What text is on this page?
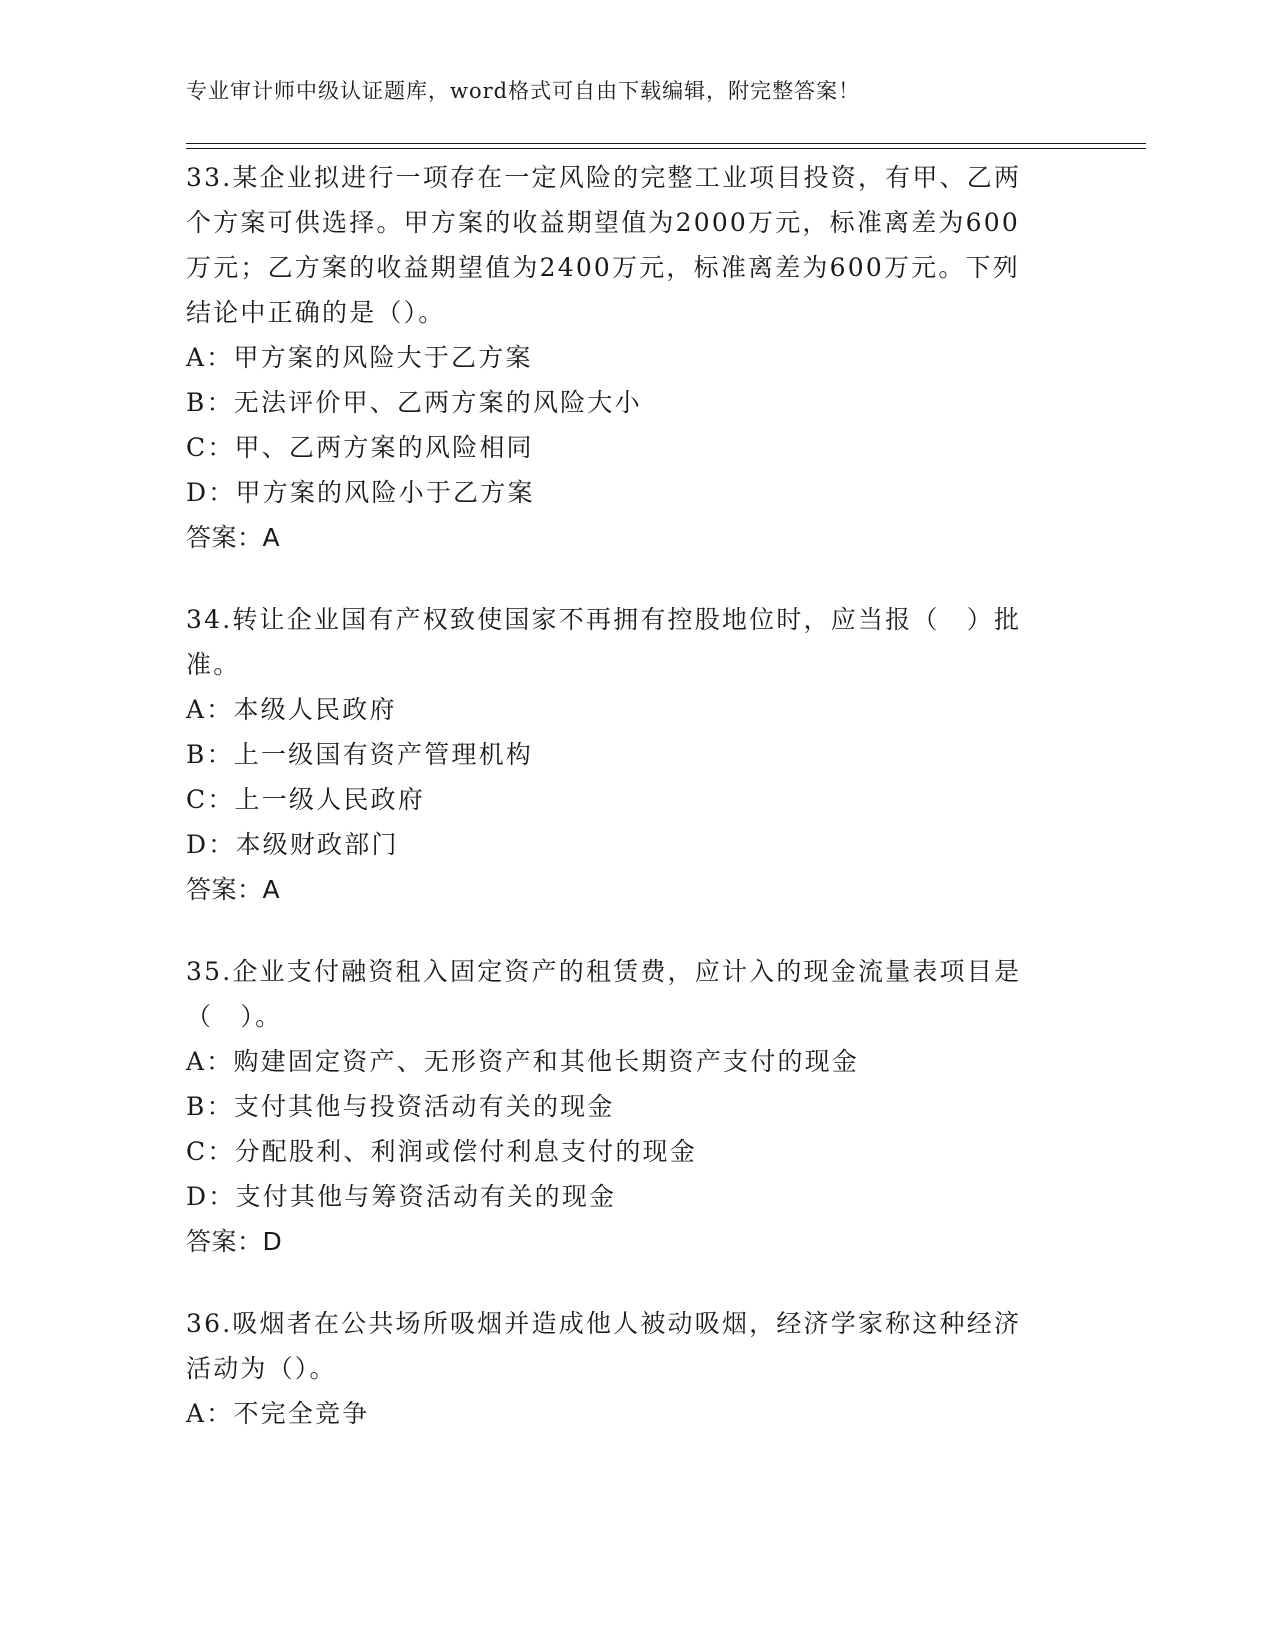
专业审计师中级认证题库，word格式可自由下载编辑，附完整答案！

33.某企业拟进行一项存在一定风险的完整工业项目投资，有甲、乙两

个方案可供选择。甲方案的收益期望值为2000万元，标准离差为600

万元；乙方案的收益期望值为2400万元，标准离差为600万元。下列

结论中正确的是（）。

A：甲方案的风险大于乙方案

B：无法评价甲、乙两方案的风险大小

C：甲、乙两方案的风险相同

D：甲方案的风险小于乙方案

答案：A

34.转让企业国有产权致使国家不再拥有控股地位时，应当报（　）批

准。

A：本级人民政府

B：上一级国有资产管理机构

C：上一级人民政府

D：本级财政部门

答案：A

35.企业支付融资租入固定资产的租赁费，应计入的现金流量表项目是

（　）。

A：购建固定资产、无形资产和其他长期资产支付的现金

B：支付其他与投资活动有关的现金

C：分配股利、利润或偿付利息支付的现金

D：支付其他与筹资活动有关的现金

答案：D

36.吸烟者在公共场所吸烟并造成他人被动吸烟，经济学家称这种经济

活动为（）。

A：不完全竞争
